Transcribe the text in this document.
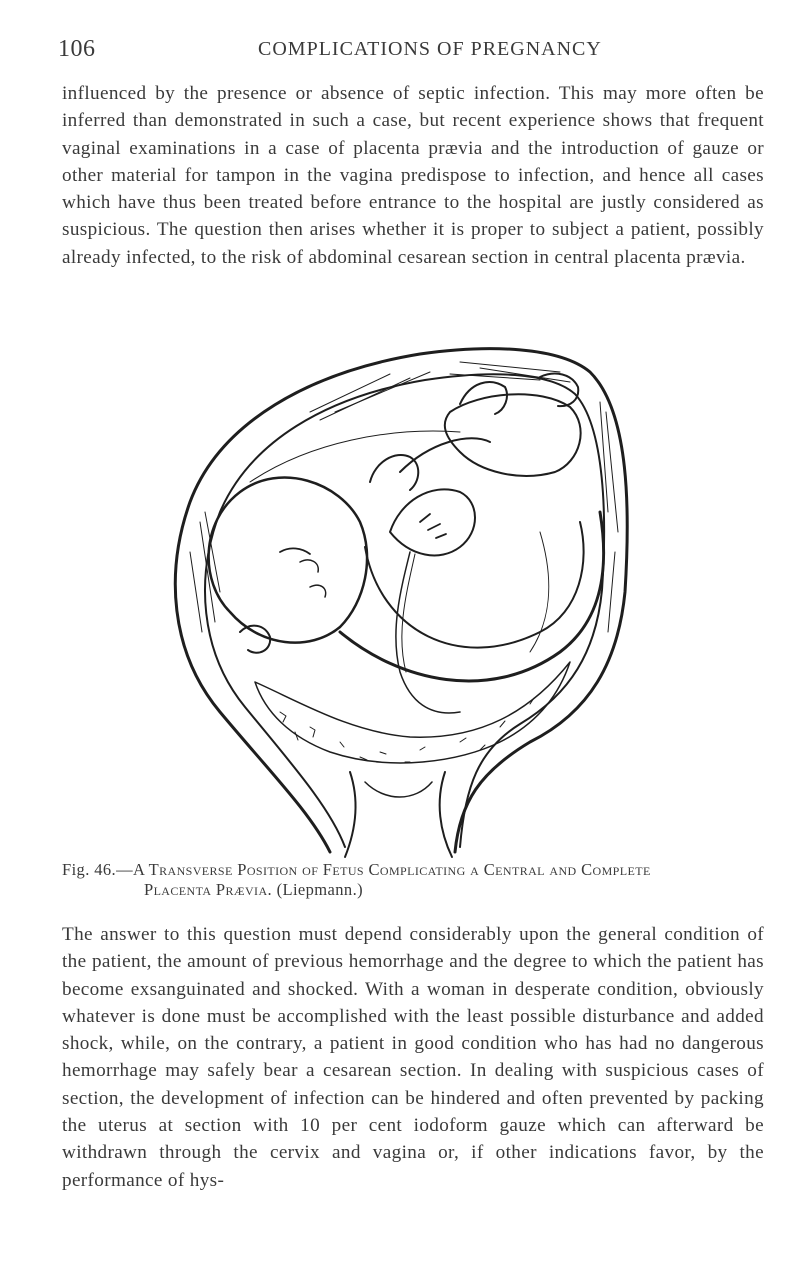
106	COMPLICATIONS OF PREGNANCY

influenced by the presence or absence of septic infection. This may more often be inferred than demonstrated in such a case, but recent experience shows that frequent vaginal examinations in a case of placenta prævia and the introduction of gauze or other material for tampon in the vagina predispose to infection, and hence all cases which have thus been treated before entrance to the hospital are justly considered as suspicious. The question then arises whether it is proper to subject a patient, possibly already infected, to the risk of abdominal cesarean section in central placenta prævia.

Fig. 46.—A Transverse Position of Fetus Complicating a Central and Complete
Placenta Prævia. (Liepmann.)

The answer to this question must depend considerably upon the general condition of the patient, the amount of previous hemorrhage and the degree to which the patient has become exsanguinated and shocked. With a woman in desperate condition, obviously whatever is done must be accomplished with the least possible disturbance and added shock, while, on the contrary, a patient in good condition who has had no dangerous hemorrhage may safely bear a cesarean section. In dealing with suspicious cases of section, the development of infection can be hindered and often prevented by packing the uterus at section with 10 per cent iodoform gauze which can afterward be withdrawn through the cervix and vagina or, if other indications favor, by the performance of hys-
